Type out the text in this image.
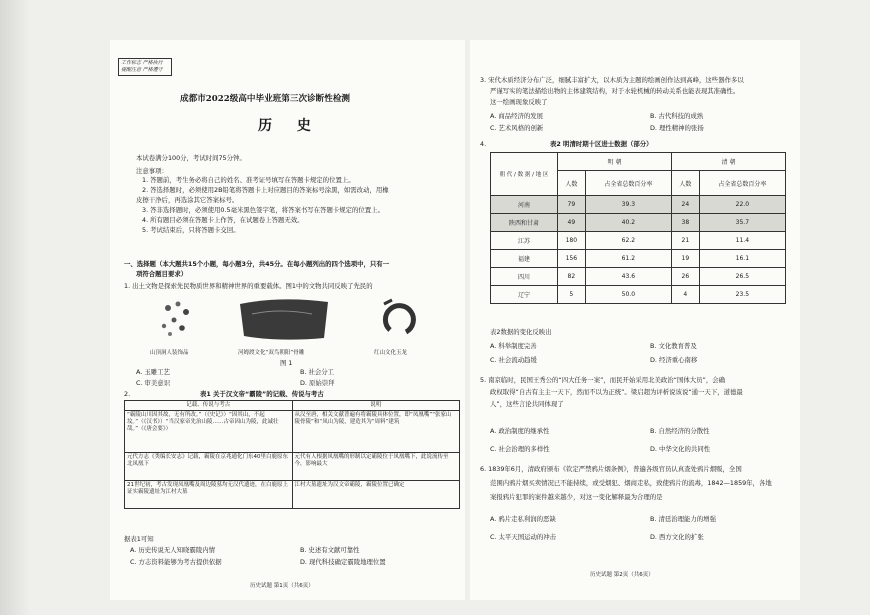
工作标志 严格执行 提醒注意 严格遵守
成都市2022级高中毕业班第三次诊断性检测
历 史
本试卷满分100分，考试时间75分钟。
注意事项：
1. 答题前，考生务必将自己的姓名、准考证号填写在答题卡规定的位置上。
2. 答选择题时，必须使用2B铅笔将答题卡上对应题目的答案标号涂黑，如需改动，用橡
皮擦干净后，再选涂其它答案标号。
3. 答非选择题时，必须使用0.5毫米黑色签字笔，将答案书写在答题卡规定的位置上。
4. 所有题目必须在答题卡上作答，在试题卷上答题无效。
5. 考试结束后，只将答题卡交回。
一、选择题（本大题共15个小题，每小题3分，共45分。在每小题列出的四个选项中，只有一
项符合题目要求）
1. 出土文物是探索先民物质世界和精神世界的重要载体。图1中的文物共同反映了先民的
山顶洞人装饰品	河姆渡文化“双鸟朝阳”骨雕	红山文化玉龙
图 1
A. 玉雕工艺	B. 社会分工
C. 审美意识	D. 原始崇拜
2.	表1 关于汉文帝“霸陵”的记载、传说与考古
记载、传说与考古	说明
“霸陵山川因其故，无有所改。”（《史记》）“因其山，不起坟。”（《汉书》）“当汉家帝先治山陵……古帝因山为陵，此诚壮哉。”（《唐会要》）	从汉至唐，相关文献普遍有将霸陵具体位置，即“凤凰嘴”“张家山陵骨陵”和“凤山为陵，建造其为“周料”建筑
元代方志《类编长安志》记载，霸陵在京兆通化门东40里白鹿原东北凤凰下	元代有人根据凤凰嘴的形制以定霸陵位于凤凰嘴下，此说流传至今，影响最大
21世纪初，考古发现凤凰嘴及周边陵墓均无汉代遗迹，在白鹿原上证实霸陵遗址为江村大墓	江村大墓遗址为汉文帝霸陵，霸陵位置已确定
据表1可知
A. 历史传说无人知晓霸陵内情	B. 史述有文献可靠性
C. 方志资料能够为考古提供依据	D. 现代科技确定霸陵地理位置
历史试题 第1页（共6页）
3. 宋代木质经济分布广泛，细腻丰富扩大，以木质为主题的绘画创作达到高峰，这些器作多以
严谨写实的笔法描绘出物的主体建筑结构，对于水轮机械的转动关系也能表现其准确性。
这一绘画现象反映了
A. 商品经济的发展	B. 古代科技的成熟
C. 艺术风格的创新	D. 理性精神的张扬
4.	表2 明清时期十区进士数据（部分）
朝 代 / 数 据 / 地 区	明 朝		清 朝	
	人数	占全省总数百分率	人数	占全省总数百分率
河南	79	39.3	24	22.0
陕西和甘肃	49	40.2	38	35.7
江苏	180	62.2	21	11.4
福建	156	61.2	19	16.1
四川	82	43.6	26	26.5
辽宁	5	50.0	4	23.5
表2数据的变化反映出
A. 科举制度完善	B. 文化教育普及
C. 社会流动趋缓	D. 经济重心南移
5. 南京临时，民国王秀公的“四大任务一案”，而民开始采用北美政治“国体大员”，会确
政权取得“自古有主主一天下，然而不以为正统”。梁启超为评析说该说“通一天下，道德最
人”，这些言论共同体现了
A. 政治制度的继承性	B. 自然经济的分散性
C. 社会治理的多样性	D. 中华文化的共同性
6. 1839年6月，清政府颁布《钦定严禁鸦片烟条例》，普遍各级官员认真查处鸦片烟贩，全国
范围内鸦片烟买卖情况已不能持续，或受烟犯、烟商走私，致使鸦片的流毒，1842—1859年，各地
案报鸦片犯罪的案件越来越少，对这一变化解释最为合理的是
A. 鸦片走私利润的恶缺	B. 清廷治理能力的增强
C. 太平天国运动的冲击	D. 西方文化的扩张
历史试题 第2页（共6页）
